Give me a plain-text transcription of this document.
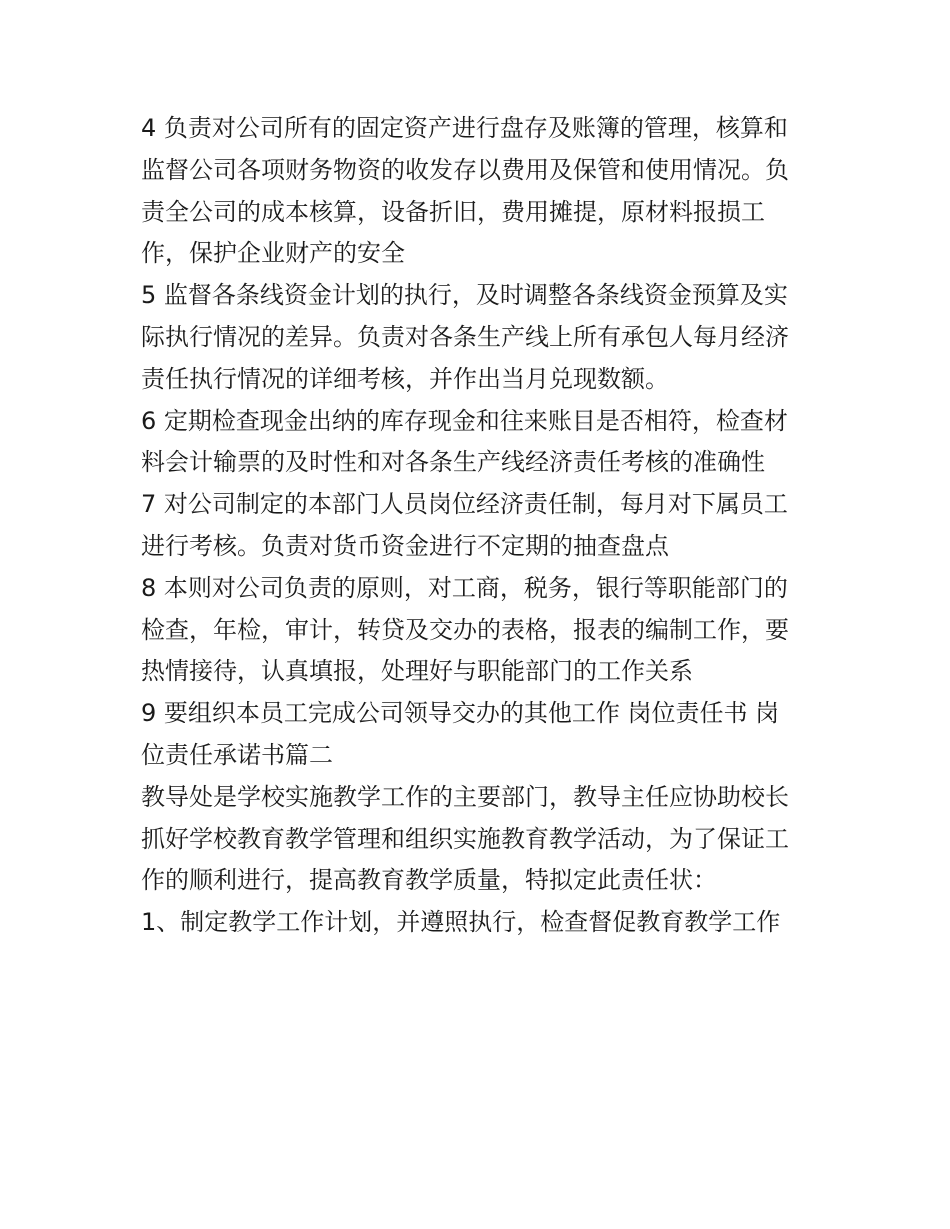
4 负责对公司所有的固定资产进行盘存及账簿的管理，核算和
监督公司各项财务物资的收发存以费用及保管和使用情况。负
责全公司的成本核算，设备折旧，费用摊提，原材料报损工
作，保护企业财产的安全
5 监督各条线资金计划的执行，及时调整各条线资金预算及实
际执行情况的差异。负责对各条生产线上所有承包人每月经济
责任执行情况的详细考核，并作出当月兑现数额。
6 定期检查现金出纳的库存现金和往来账目是否相符，检查材
料会计输票的及时性和对各条生产线经济责任考核的准确性
7 对公司制定的本部门人员岗位经济责任制，每月对下属员工
进行考核。负责对货币资金进行不定期的抽查盘点
8 本则对公司负责的原则，对工商，税务，银行等职能部门的
检查，年检，审计，转贷及交办的表格，报表的编制工作，要
热情接待，认真填报，处理好与职能部门的工作关系
9 要组织本员工完成公司领导交办的其他工作 岗位责任书 岗
位责任承诺书篇二
教导处是学校实施教学工作的主要部门，教导主任应协助校长
抓好学校教育教学管理和组织实施教育教学活动，为了保证工
作的顺利进行，提高教育教学质量，特拟定此责任状：
1、制定教学工作计划，并遵照执行，检查督促教育教学工作
